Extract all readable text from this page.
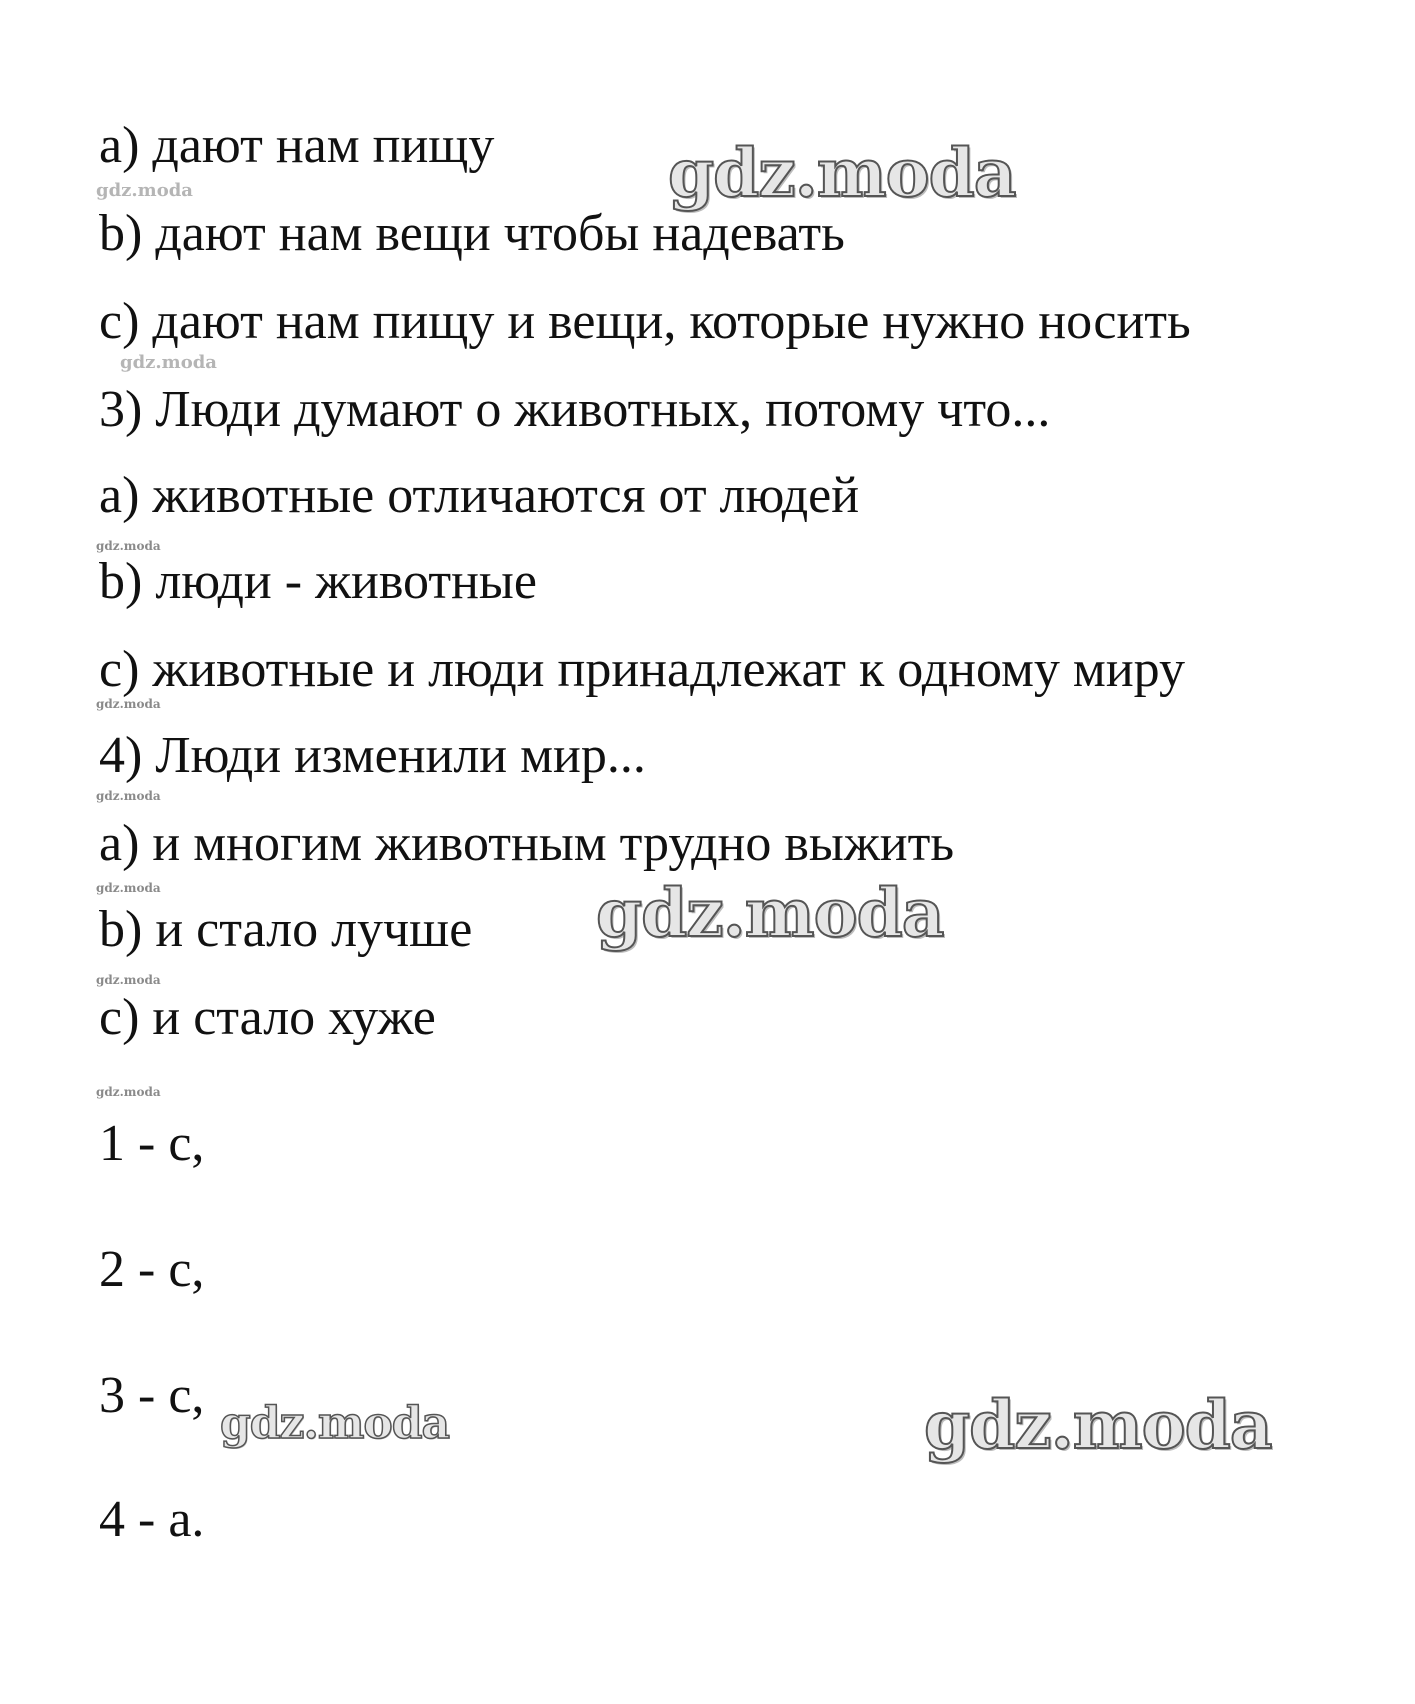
a) дают нам пищу
b) дают нам вещи чтобы надевать
c) дают нам пищу и вещи, которые нужно носить
3) Люди думают о животных, потому что...
a) животные отличаются от людей
b) люди - животные
c) животные и люди принадлежат к одному миру
4) Люди изменили мир...
a) и многим животным трудно выжить
b) и стало лучше
c) и стало хуже
1 - c,
2 - c,
3 - c,
4 - a.
gdz.moda
gdz.moda
gdz.moda
gdz.moda
gdz.moda
gdz.moda
gdz.moda
gdz.moda
gdz.moda
gdz.moda
gdz.moda
gdz.moda
